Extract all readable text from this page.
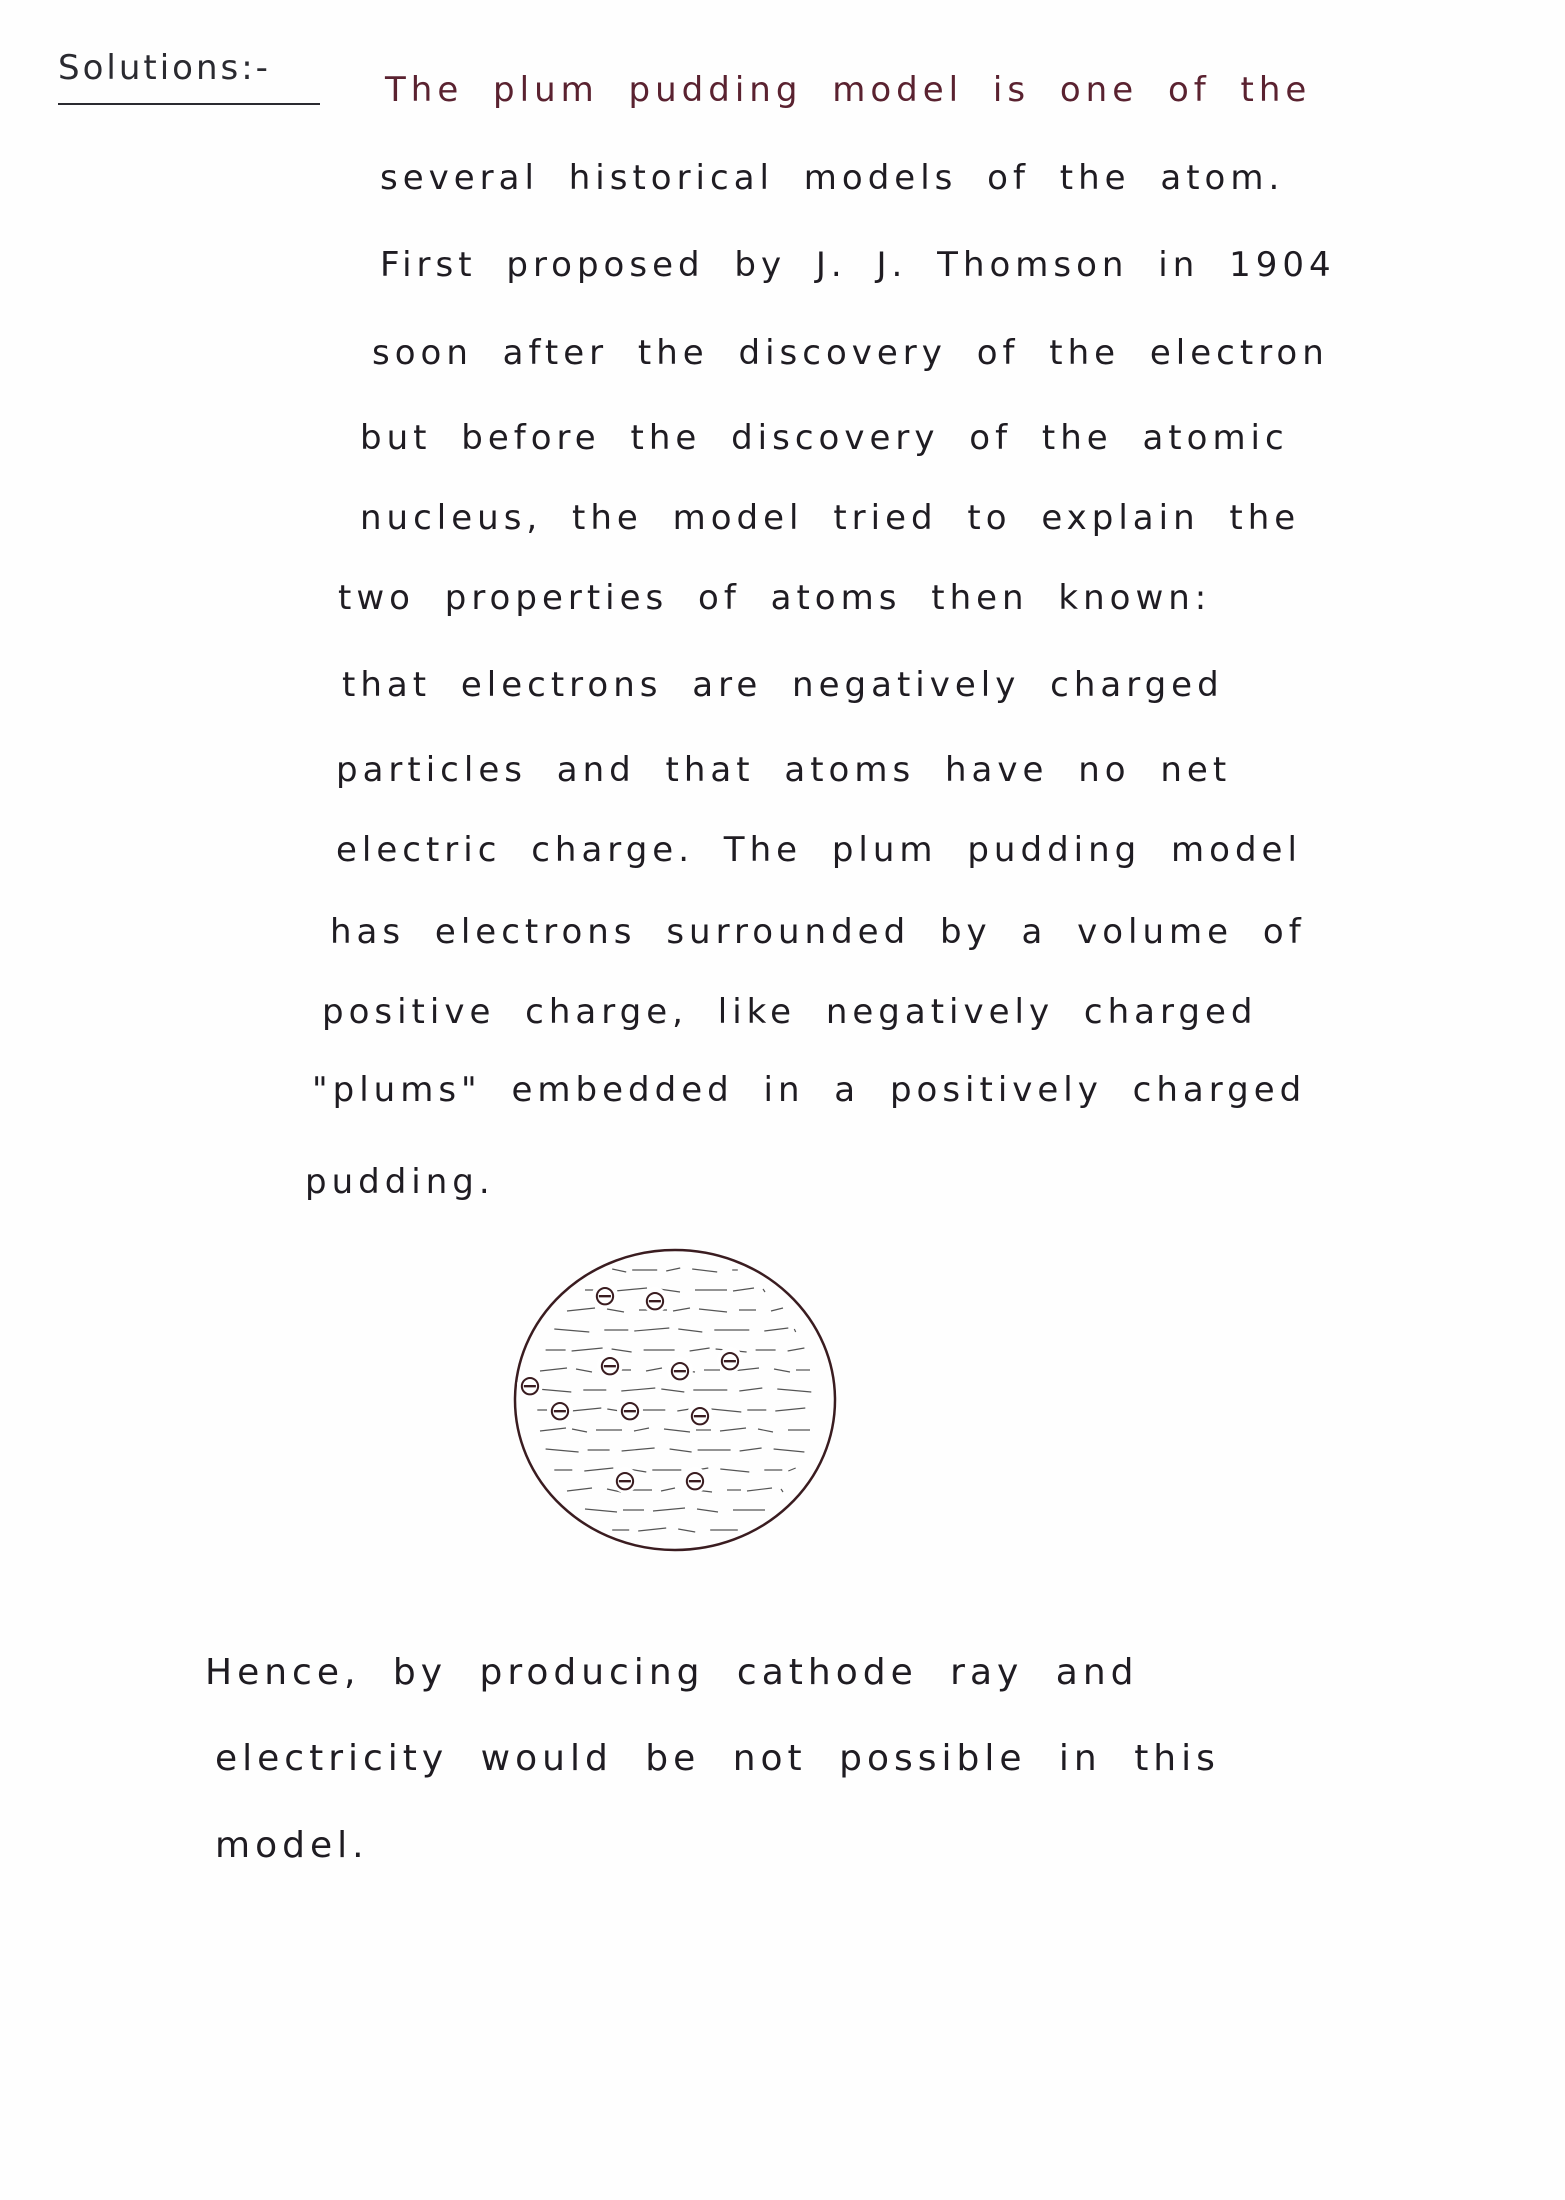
Solutions:-
The plum pudding model is one of the
several historical models of the atom.
First proposed by J. J. Thomson in 1904
soon after the discovery of the electron
but before the discovery of the atomic
nucleus, the model tried to explain the
two properties of atoms then known:
that electrons are negatively charged
particles and that atoms have no net
electric charge. The plum pudding model
has electrons surrounded by a volume of
positive charge, like negatively charged
"plums" embedded in a positively charged
pudding.
⊖ ⊖
⊖
⊖ ⊖ ⊖
⊖ ⊖ ⊖
⊖ ⊖
Hence, by producing cathode ray and
electricity would be not possible in this
model.
